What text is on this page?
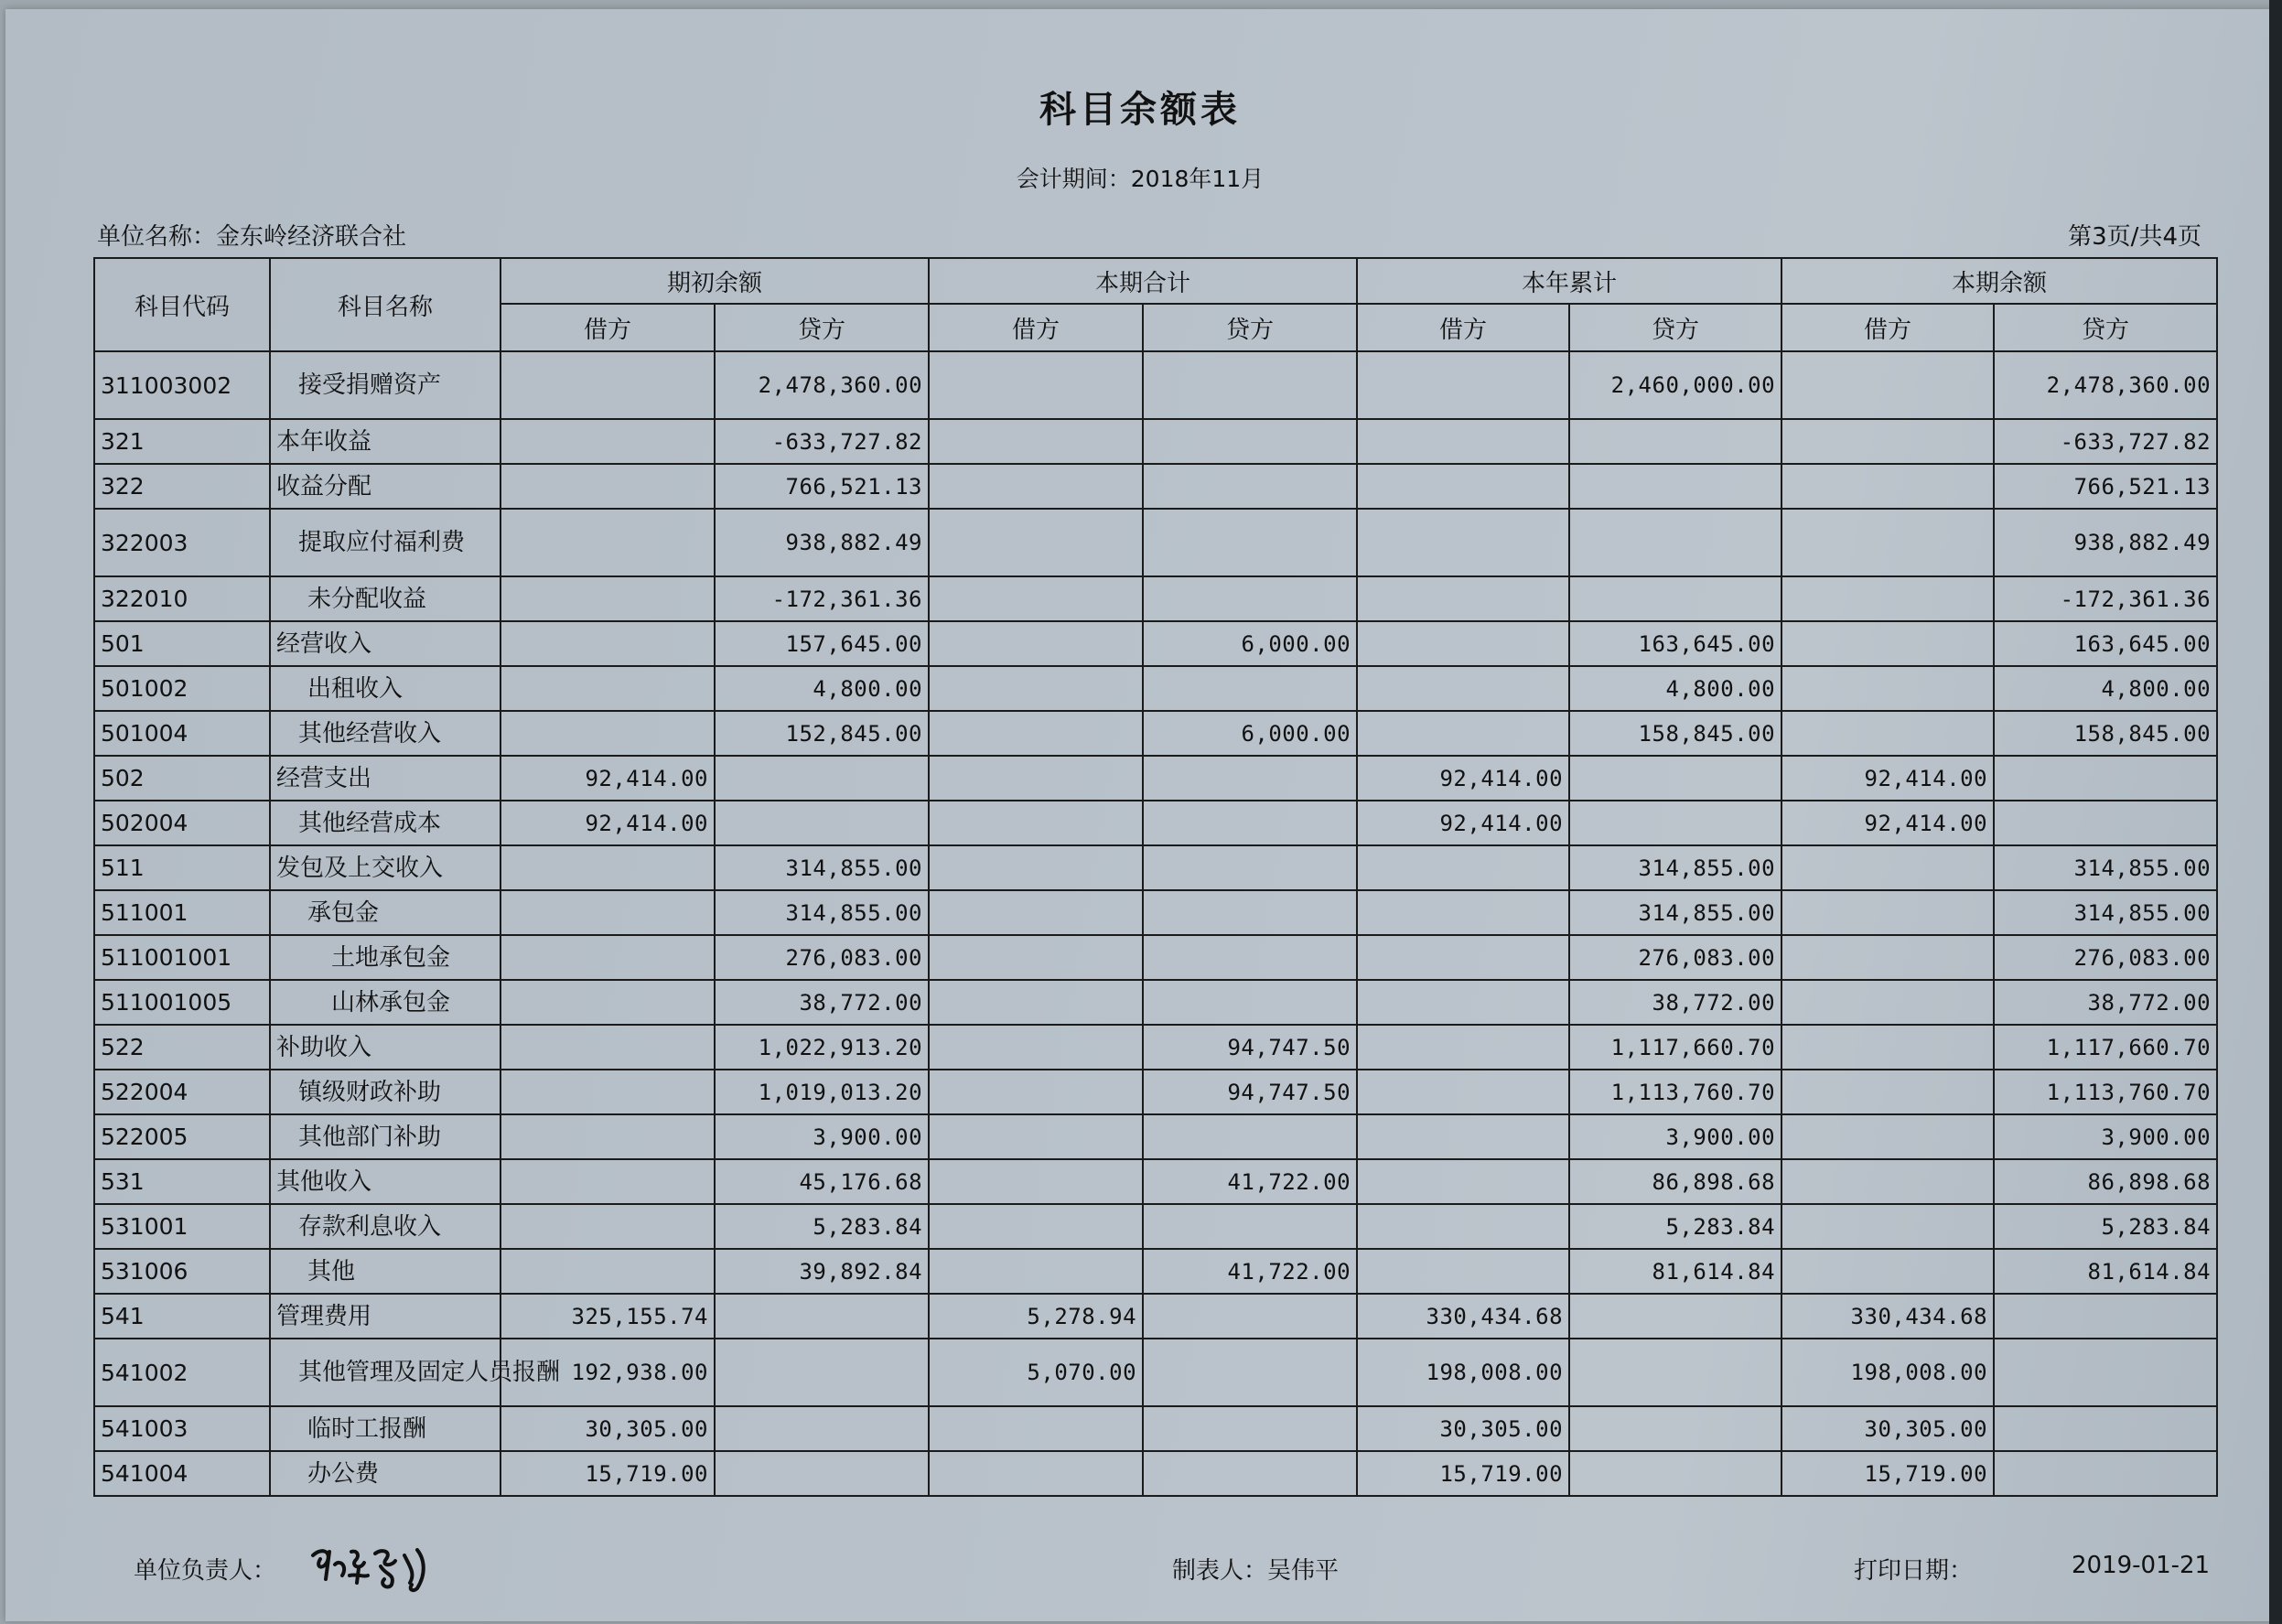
科目余额表
会计期间：2018年11月
单位名称：金东岭经济联合社	第3页/共4页
科目代码	科目名称	期初余额		本期合计		本年累计		本期余额	
		借方	贷方	借方	贷方	借方	贷方	借方	贷方
311003002	接受捐赠资产		2,478,360.00				2,460,000.00		2,478,360.00
321	本年收益		-633,727.82						-633,727.82
322	收益分配		766,521.13						766,521.13
322003	提取应付福利费		938,882.49						938,882.49
322010	未分配收益		-172,361.36						-172,361.36
501	经营收入		157,645.00		6,000.00		163,645.00		163,645.00
501002	出租收入		4,800.00				4,800.00		4,800.00
501004	其他经营收入		152,845.00		6,000.00		158,845.00		158,845.00
502	经营支出	92,414.00				92,414.00		92,414.00	
502004	其他经营成本	92,414.00				92,414.00		92,414.00	
511	发包及上交收入		314,855.00				314,855.00		314,855.00
511001	承包金		314,855.00				314,855.00		314,855.00
511001001	土地承包金		276,083.00				276,083.00		276,083.00
511001005	山林承包金		38,772.00				38,772.00		38,772.00
522	补助收入		1,022,913.20		94,747.50		1,117,660.70		1,117,660.70
522004	镇级财政补助		1,019,013.20		94,747.50		1,113,760.70		1,113,760.70
522005	其他部门补助		3,900.00				3,900.00		3,900.00
531	其他收入		45,176.68		41,722.00		86,898.68		86,898.68
531001	存款利息收入		5,283.84				5,283.84		5,283.84
531006	其他		39,892.84		41,722.00		81,614.84		81,614.84
541	管理费用	325,155.74		5,278.94		330,434.68		330,434.68	
541002	其他管理及固定人员报酬	192,938.00		5,070.00		198,008.00		198,008.00	
541003	临时工报酬	30,305.00				30,305.00		30,305.00	
541004	办公费	15,719.00				15,719.00		15,719.00	
单位负责人：	制表人：吴伟平	打印日期：	2019-01-21
